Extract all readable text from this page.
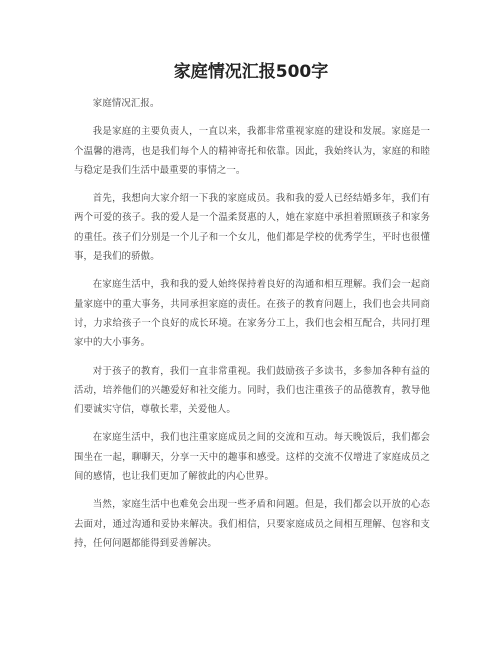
家庭情况汇报500字

家庭情况汇报。

我是家庭的主要负责人，一直以来，我都非常重视家庭的建设和发展。家庭是一个温馨的港湾，也是我们每个人的精神寄托和依靠。因此，我始终认为，家庭的和睦与稳定是我们生活中最重要的事情之一。

首先，我想向大家介绍一下我的家庭成员。我和我的爱人已经结婚多年，我们有两个可爱的孩子。我的爱人是一个温柔贤惠的人，她在家庭中承担着照顾孩子和家务的重任。孩子们分别是一个儿子和一个女儿，他们都是学校的优秀学生，平时也很懂事，是我们的骄傲。

在家庭生活中，我和我的爱人始终保持着良好的沟通和相互理解。我们会一起商量家庭中的重大事务，共同承担家庭的责任。在孩子的教育问题上，我们也会共同商讨，力求给孩子一个良好的成长环境。在家务分工上，我们也会相互配合，共同打理家中的大小事务。

对于孩子的教育，我们一直非常重视。我们鼓励孩子多读书，多参加各种有益的活动，培养他们的兴趣爱好和社交能力。同时，我们也注重孩子的品德教育，教导他们要诚实守信，尊敬长辈，关爱他人。

在家庭生活中，我们也注重家庭成员之间的交流和互动。每天晚饭后，我们都会围坐在一起，聊聊天，分享一天中的趣事和感受。这样的交流不仅增进了家庭成员之间的感情，也让我们更加了解彼此的内心世界。

当然，家庭生活中也难免会出现一些矛盾和问题。但是，我们都会以开放的心态去面对，通过沟通和妥协来解决。我们相信，只要家庭成员之间相互理解、包容和支持，任何问题都能得到妥善解决。
